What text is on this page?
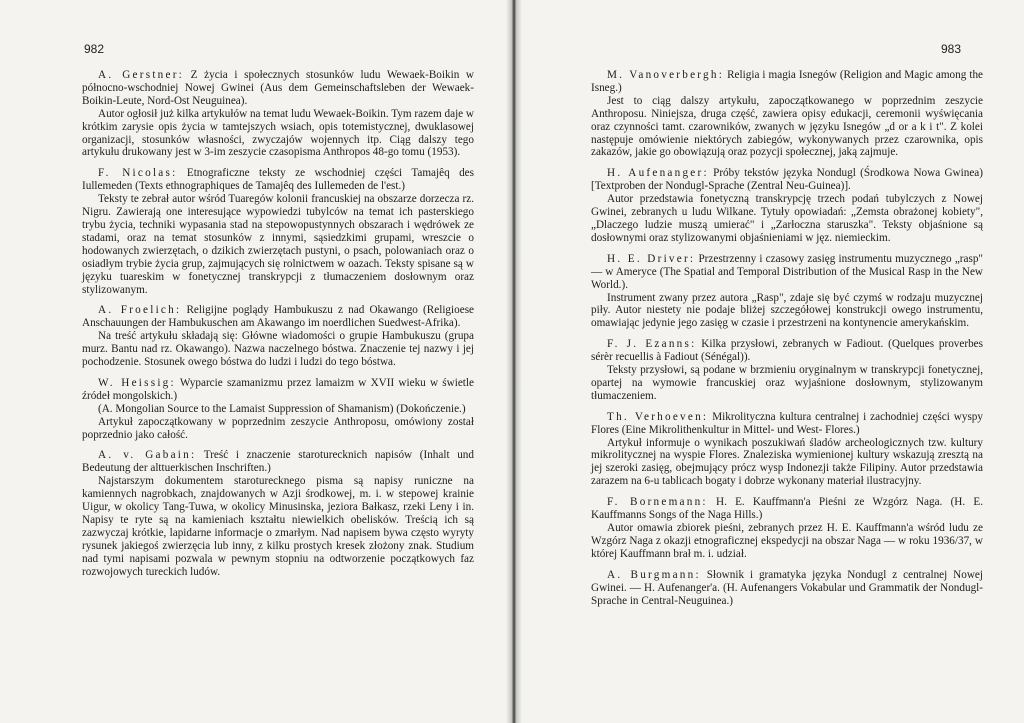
982

A. Gerstner: Z życia i społecznych stosunków ludu Wewaek-Boikin w północno-wschodniej Nowej Gwinei (Aus dem Gemeinschaftsleben der Wewaek-Boikin-Leute, Nord-Ost Neuguinea).

Autor ogłosił już kilka artykułów na temat ludu Wewaek-Boikin. Tym razem daje w krótkim zarysie opis życia w tamtejszych wsiach, opis totemistycznej, dwuklasowej organizacji, stosunków własności, zwyczajów wojennych itp. Ciąg dalszy tego artykułu drukowany jest w 3-im zeszycie czasopisma Anthropos 48-go tomu (1953).

F. Nicolas: Etnograficzne teksty ze wschodniej części Tamajêq des Iullemeden (Texts ethnographiques de Tamajêq des Iullemeden de l'est.)

Teksty te zebrał autor wśród Tuaregów kolonii francuskiej na obszarze dorzecza rz. Nigru. Zawierają one interesujące wypowiedzi tubylców na temat ich pasterskiego trybu życia, techniki wypasania stad na stepowopustynnych obszarach i wędrówek ze stadami, oraz na temat stosunków z innymi, sąsiedzkimi grupami, wreszcie o hodowanych zwierzętach, o dzikich zwierzętach pustyni, o psach, polowaniach oraz o osiadłym trybie życia grup, zajmujących się rolnictwem w oazach. Teksty spisane są w języku tuareskim w fonetycznej transkrypcji z tłumaczeniem dosłownym oraz stylizowanym.

A. Froelich: Religijne poglądy Hambukuszu z nad Okawango (Religioese Anschauungen der Hambukuschen am Akawango im noerdlichen Suedwest-Afrika).

Na treść artykułu składają się: Główne wiadomości o grupie Hambukuszu (grupa murz. Bantu nad rz. Okawango). Nazwa naczelnego bóstwa. Znaczenie tej nazwy i jej pochodzenie. Stosunek owego bóstwa do ludzi i ludzi do tego bóstwa.

W. Heissig: Wyparcie szamanizmu przez lamaizm w XVII wieku w świetle źródeł mongolskich.)

(A. Mongolian Source to the Lamaist Suppression of Shamanism) (Dokończenie.)

Artykuł zapoczątkowany w poprzednim zeszycie Anthroposu, omówiony został poprzednio jako całość.

A. v. Gabain: Treść i znaczenie staroturecknich napisów (Inhalt und Bedeutung der alttuerkischen Inschriften.)

Najstarszym dokumentem staroturecknego pisma są napisy runiczne na kamiennych nagrobkach, znajdowanych w Azji środkowej, m. i. w stepowej krainie Uigur, w okolicy Tang-Tuwa, w okolicy Minusinska, jeziora Bałkasz, rzeki Leny i in. Napisy te ryte są na kamieniach kształtu niewielkich obelisków. Treścią ich są zazwyczaj krótkie, lapidarne informacje o zmarłym. Nad napisem bywa często wyryty rysunek jakiegoś zwierzęcia lub inny, z kilku prostych kresek złożony znak. Studium nad tymi napisami pozwala w pewnym stopniu na odtworzenie początkowych faz rozwojowych tureckich ludów.

983

M. Vanoverbergh: Religia i magia Isnegów (Religion and Magic among the Isneg.)

Jest to ciąg dalszy artykułu, zapoczątkowanego w poprzednim zeszycie Anthroposu. Niniejsza, druga część, zawiera opisy edukacji, ceremonii wyświęcania oraz czynności tamt. czarowników, zwanych w języku Isnegów „d or a k i t". Z kolei następuje omówienie niektórych zabiegów, wykonywanych przez czarownika, opis zakazów, jakie go obowiązują oraz pozycji społecznej, jaką zajmuje.

H. Aufenanger: Próby tekstów języka Nondugl (Środkowa Nowa Gwinea) [Textproben der Nondugl-Sprache (Zentral Neu-Guinea)].

Autor przedstawia fonetyczną transkrypcję trzech podań tubylczych z Nowej Gwinei, zebranych u ludu Wilkane. Tytuły opowiadań: „Zemsta obrażonej kobiety", „Dlaczego ludzie muszą umierać" i „Zarłoczna staruszka". Teksty objaśnione są dosłownymi oraz stylizowanymi objaśnieniami w jęz. niemieckim.

H. E. Driver: Przestrzenny i czasowy zasięg instrumentu muzycznego „rasp" — w Ameryce (The Spatial and Temporal Distribution of the Musical Rasp in the New World.).

Instrument zwany przez autora „Rasp", zdaje się być czymś w rodzaju muzycznej piły. Autor niestety nie podaje bliżej szczegółowej konstrukcji owego instrumentu, omawiając jedynie jego zasięg w czasie i przestrzeni na kontynencie amerykańskim.

F. J. Ezanns: Kilka przysłowi, zebranych w Fadiout. (Quelques proverbes sérèr recuellis à Fadiout (Sénégal)).

Teksty przysłowi, są podane w brzmieniu oryginalnym w transkrypcji fonetycznej, opartej na wymowie francuskiej oraz wyjaśnione dosłownym, stylizowanym tłumaczeniem.

Th. Verhoeven: Mikrolityczna kultura centralnej i zachodniej części wyspy Flores (Eine Mikrolithenkultur in Mittel- und West- Flores.)

Artykuł informuje o wynikach poszukiwań śladów archeologicznych tzw. kultury mikrolitycznej na wyspie Flores. Znaleziska wymienionej kultury wskazują zresztą na jej szeroki zasięg, obejmujący prócz wysp Indonezji także Filipiny. Autor przedstawia zarazem na 6-u tablicach bogaty i dobrze wykonany materiał ilustracyjny.

F. Bornemann: H. E. Kauffmann'a Pieśni ze Wzgórz Naga. (H. E. Kauffmanns Songs of the Naga Hills.)

Autor omawia zbiorek pieśni, zebranych przez H. E. Kauffmann'a wśród ludu ze Wzgórz Naga z okazji etnograficznej ekspedycji na obszar Naga — w roku 1936/37, w której Kauffmann brał m. i. udział.

A. Burgmann: Słownik i gramatyka języka Nondugl z centralnej Nowej Gwinei. — H. Aufenanger'a. (H. Aufenangers Vokabular und Grammatik der Nondugl-Sprache in Central-Neuguinea.)
